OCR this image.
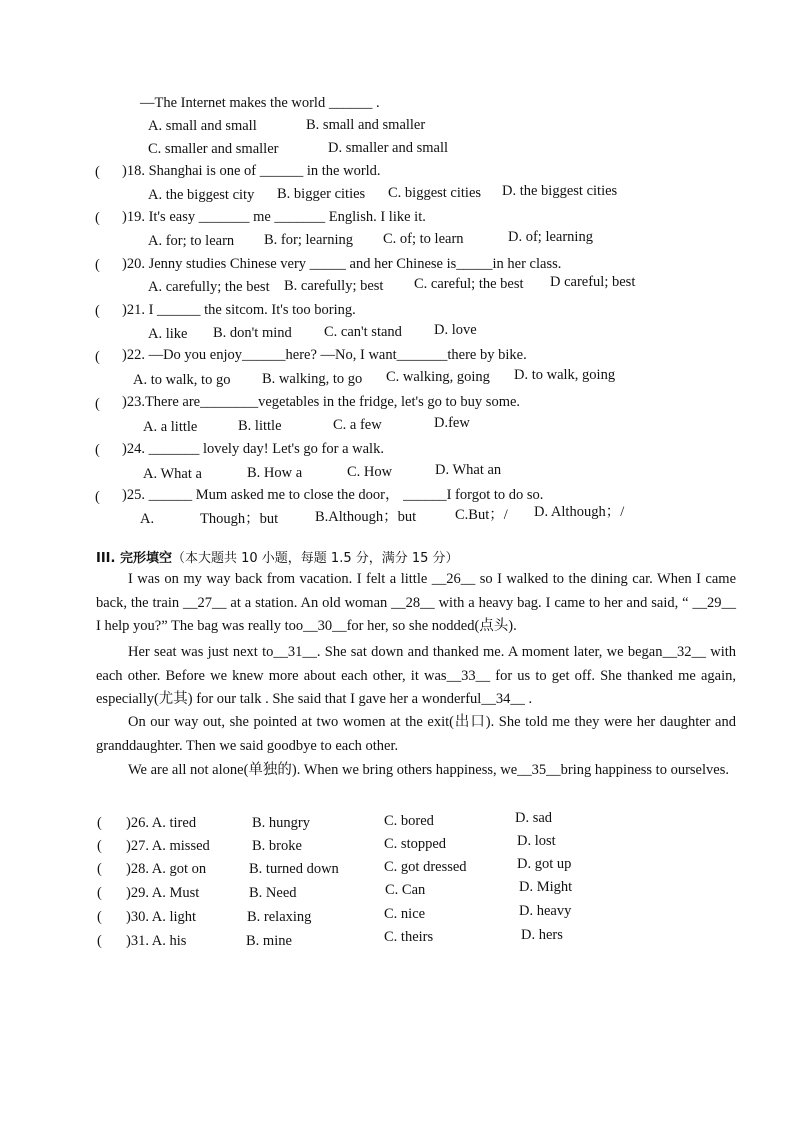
—The Internet makes the world ______ .
A. small and small	B. small and smaller
C. smaller and smaller	D. smaller and small
( )18. Shanghai is one of ______ in the world.
A. the biggest city B. bigger cities C. biggest cities D. the biggest cities
( )19. It's easy _______ me _______ English. I like it.
A. for; to learn B. for; learning C. of; to learn	D. of; learning
( )20. Jenny studies Chinese very _____ and her Chinese is_____in her class.
A. carefully; the best B. carefully; best C. careful; the best D careful; best
( )21. I ______ the sitcom. It's too boring.
A. like B. don't mind C. can't stand D. love
( )22. —Do you enjoy______here? —No, I want_______there by bike.
A. to walk, to go B. walking, to go C. walking, going D. to walk, going
( )23.There are________vegetables in the fridge, let's go to buy some.
A. a little	B. little	C. a few	D.few
( )24. _______ lovely day! Let's go for a walk.
A. What a	B. How a	C. How	D. What an
( )25. ______ Mum asked me to close the door， ______I forgot to do so.
A.	Though；but	B.Although；but	C.But；/ D. Although；/
III. 完形填空（本大题共 10 小题，每题 1.5 分，满分 15 分）
I was on my way back from vacation. I felt a little __26__ so I walked to the dining car. When I came back, the train __27__ at a station. An old woman __28__ with a heavy bag. I came to her and said, “ __29__ I help you?” The bag was really too__30__for her, so she nodded(点头).
Her seat was just next to__31__. She sat down and thanked me. A moment later, we began__32__ with each other. Before we knew more about each other, it was__33__ for us to get off. She thanked me again, especially(尤其) for our talk . She said that I gave her a wonderful__34__ .
On our way out, she pointed at two women at the exit(出口). She told me they were her daughter and granddaughter. Then we said goodbye to each other.
We are all not alone(单独的). When we bring others happiness, we__35__bring happiness to ourselves.
( )26. A. tired	B. hungry	C. bored	D. sad
( )27. A. missed	B. broke	C. stopped	D. lost
( )28. A. got on	B. turned down	C. got dressed	D. got up
( )29. A. Must	B. Need	C. Can	D. Might
( )30. A. light	B. relaxing	C. nice	D. heavy
( )31. A. his	B. mine	C. theirs	D. hers
